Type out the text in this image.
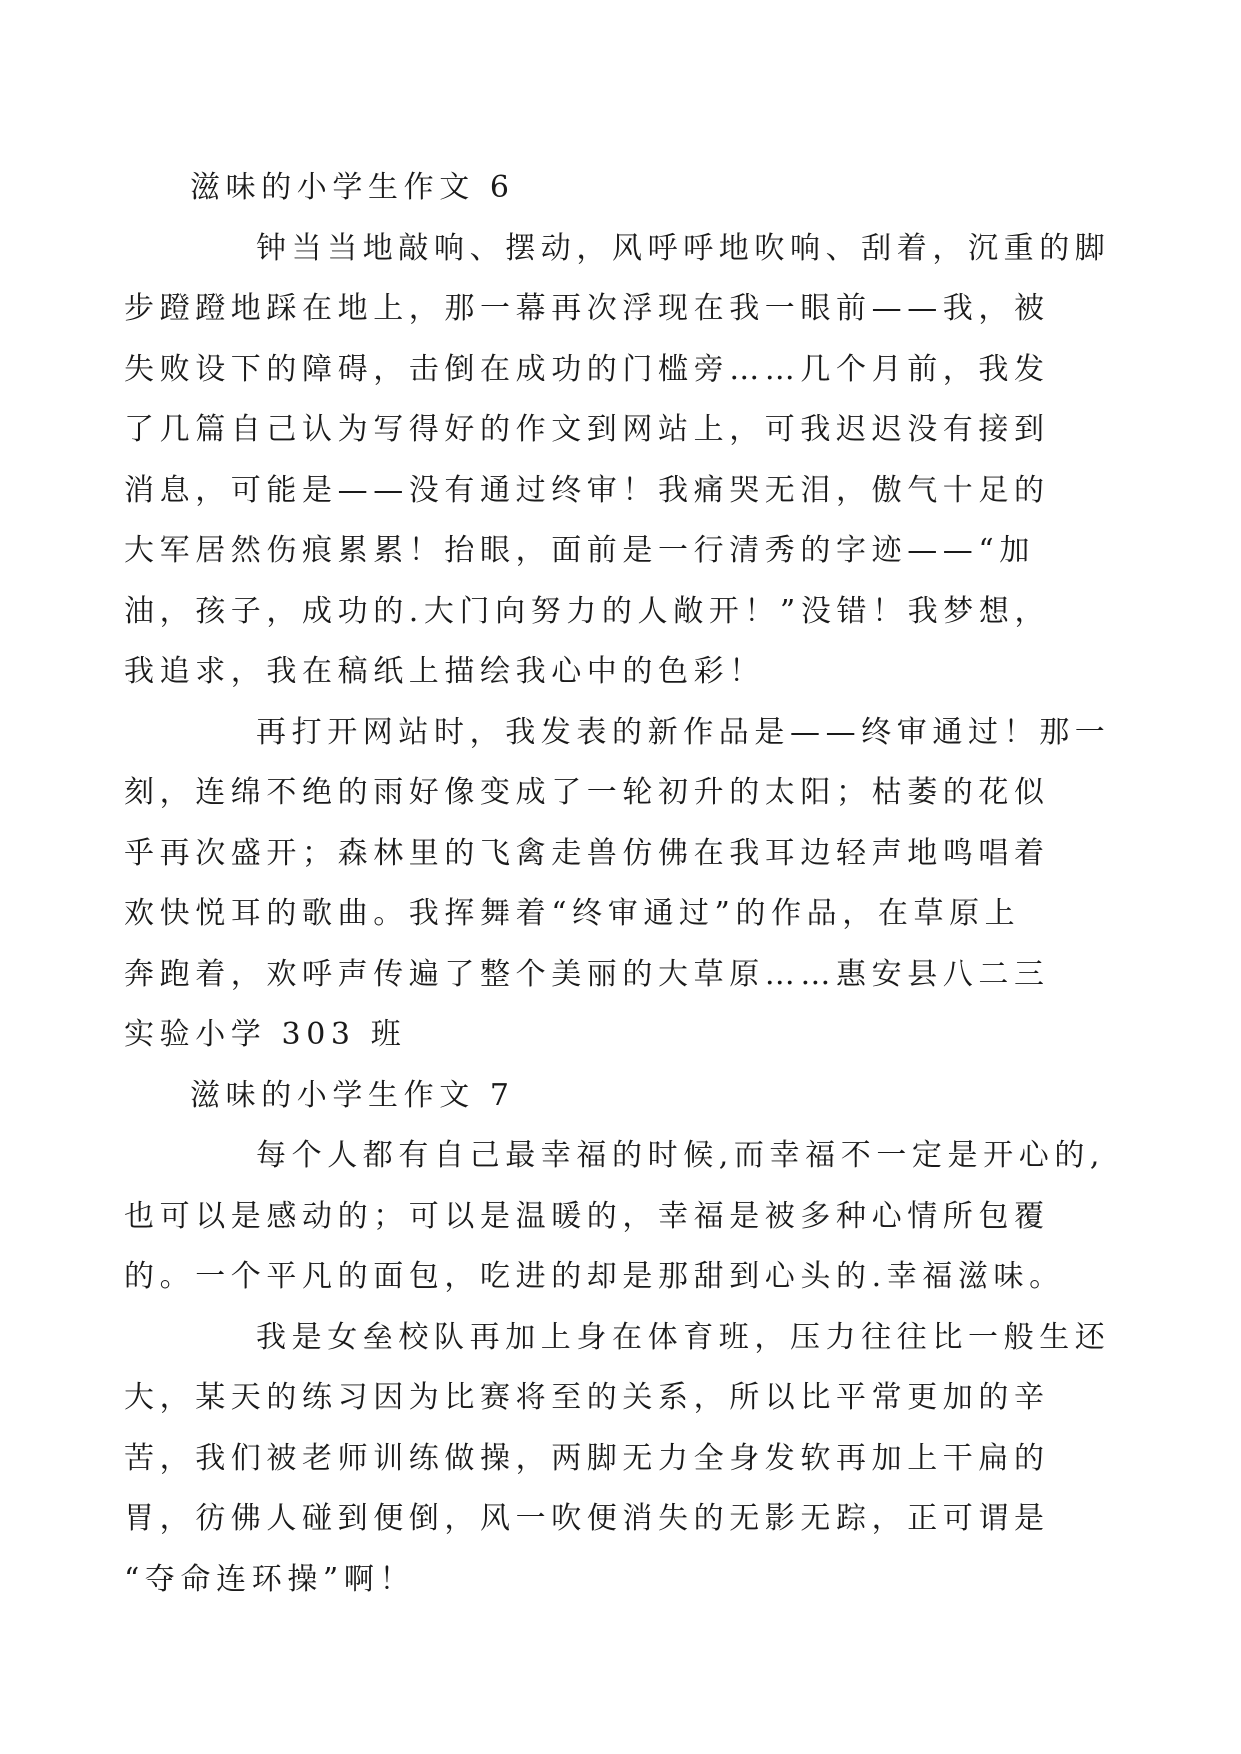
滋味的小学生作文 6

钟当当地敲响、摆动，风呼呼地吹响、刮着，沉重的脚
步蹬蹬地踩在地上，那一幕再次浮现在我一眼前——我，被
失败设下的障碍，击倒在成功的门槛旁……几个月前，我发
了几篇自己认为写得好的作文到网站上，可我迟迟没有接到
消息，可能是——没有通过终审！我痛哭无泪，傲气十足的
大军居然伤痕累累！抬眼，面前是一行清秀的字迹——“加
油，孩子，成功的.大门向努力的人敞开！”没错！我梦想，
我追求，我在稿纸上描绘我心中的色彩！

再打开网站时，我发表的新作品是——终审通过！那一
刻，连绵不绝的雨好像变成了一轮初升的太阳；枯萎的花似
乎再次盛开；森林里的飞禽走兽仿佛在我耳边轻声地鸣唱着
欢快悦耳的歌曲。我挥舞着“终审通过”的作品，在草原上
奔跑着，欢呼声传遍了整个美丽的大草原……惠安县八二三
实验小学 303 班

滋味的小学生作文 7

每个人都有自己最幸福的时候,而幸福不一定是开心的,
也可以是感动的；可以是温暖的，幸福是被多种心情所包覆
的。一个平凡的面包，吃进的却是那甜到心头的.幸福滋味。

我是女垒校队再加上身在体育班，压力往往比一般生还
大，某天的练习因为比赛将至的关系，所以比平常更加的辛
苦，我们被老师训练做操，两脚无力全身发软再加上干扁的
胃，彷佛人碰到便倒，风一吹便消失的无影无踪，正可谓是
“夺命连环操”啊！
